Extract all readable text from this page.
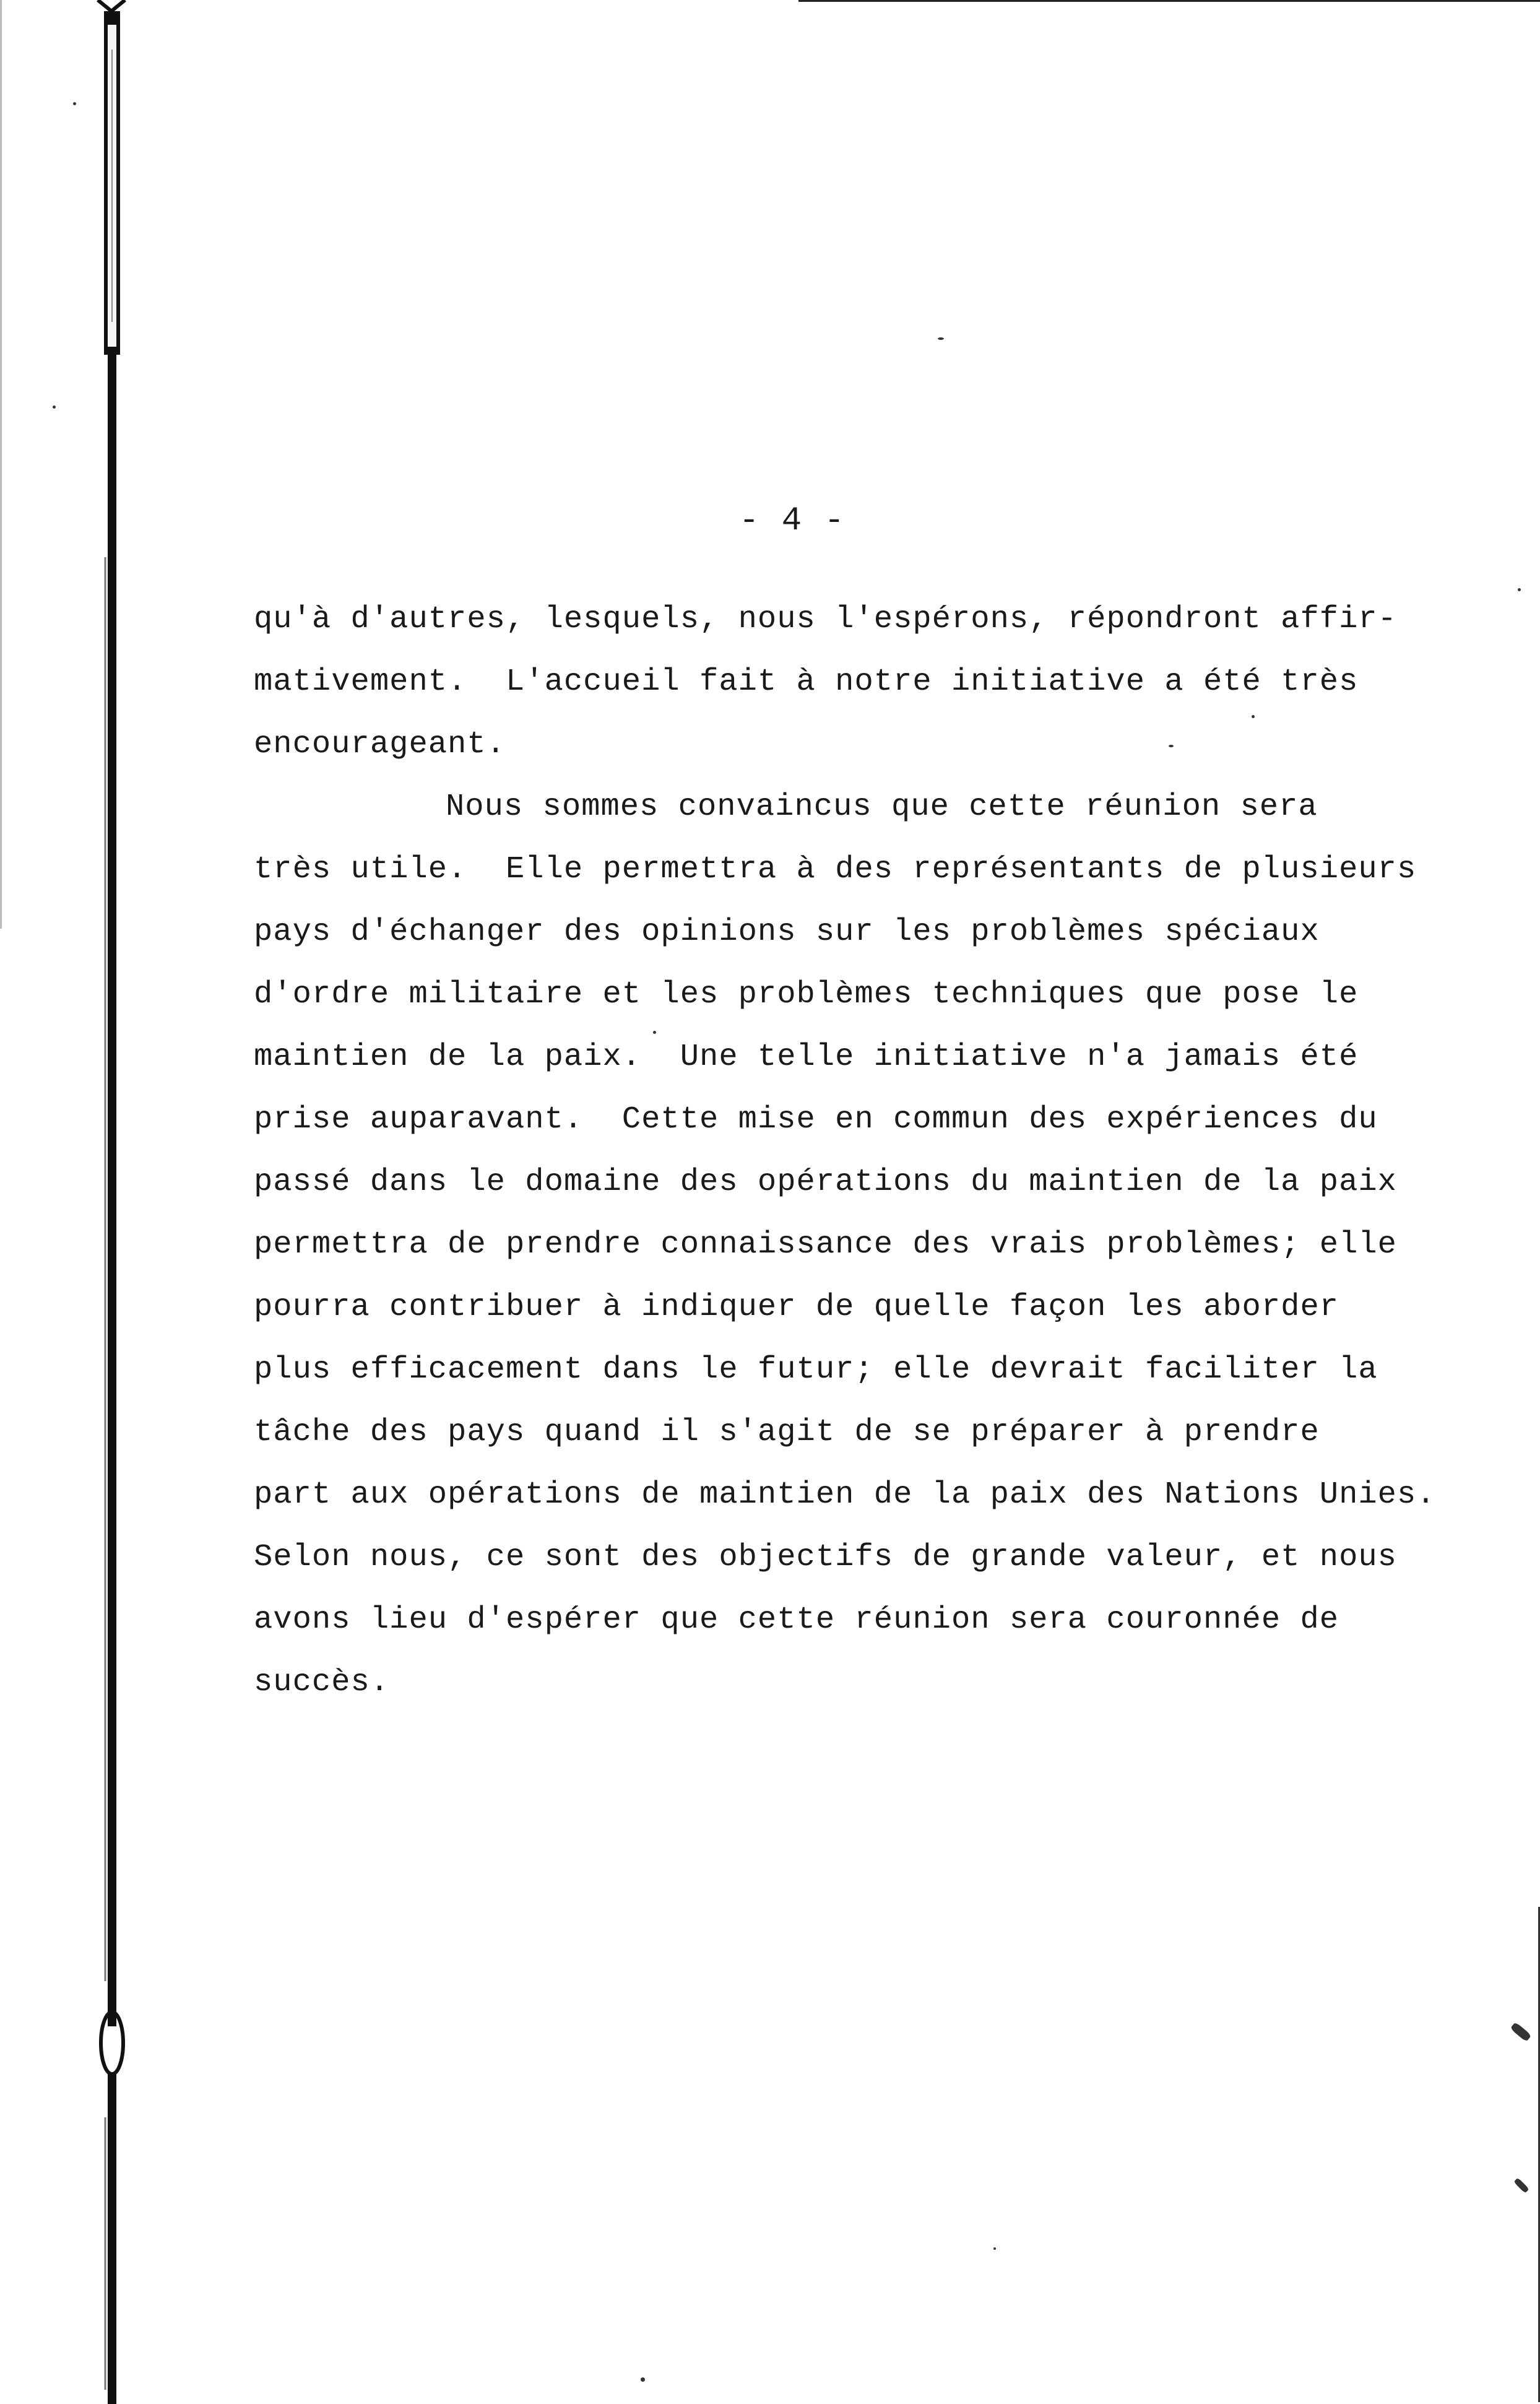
- 4 -

qu'à d'autres, lesquels, nous l'espérons, répondront affir-

mativement.  L'accueil fait à notre initiative a été très

encourageant.

Nous sommes convaincus que cette réunion sera

très utile.  Elle permettra à des représentants de plusieurs

pays d'échanger des opinions sur les problèmes spéciaux

d'ordre militaire et les problèmes techniques que pose le

maintien de la paix.  Une telle initiative n'a jamais été

prise auparavant.  Cette mise en commun des expériences du

passé dans le domaine des opérations du maintien de la paix

permettra de prendre connaissance des vrais problèmes; elle

pourra contribuer à indiquer de quelle façon les aborder

plus efficacement dans le futur; elle devrait faciliter la

tâche des pays quand il s'agit de se préparer à prendre

part aux opérations de maintien de la paix des Nations Unies.

Selon nous, ce sont des objectifs de grande valeur, et nous

avons lieu d'espérer que cette réunion sera couronnée de

succès.
